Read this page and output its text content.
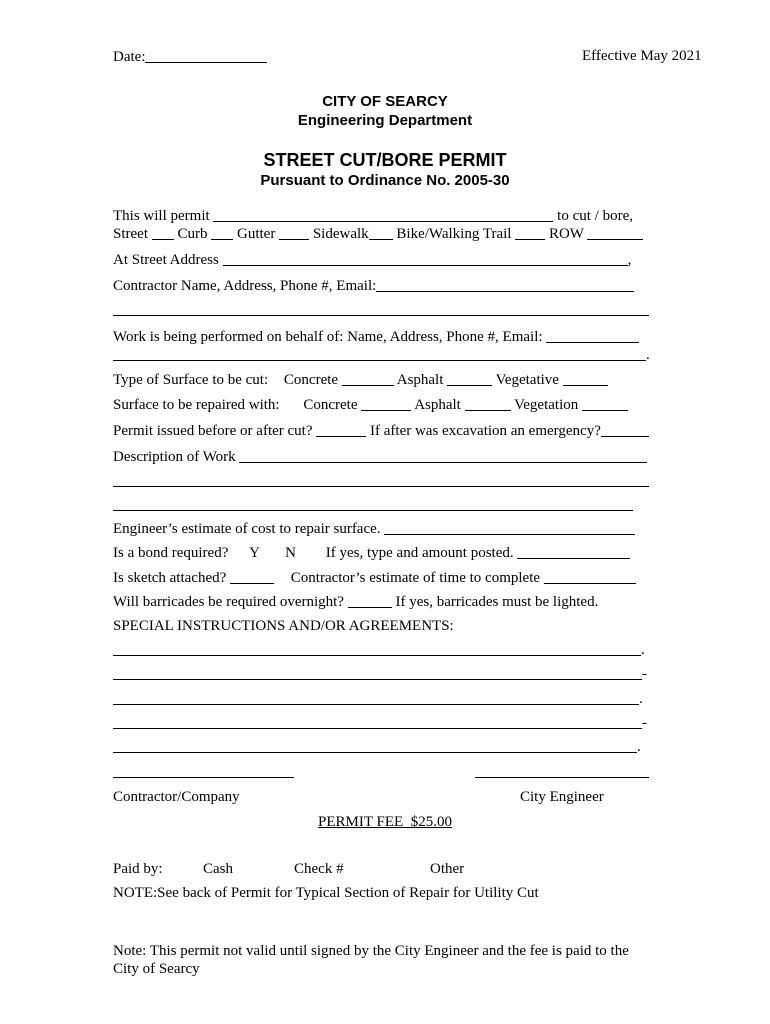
Date:	Effective May 2021
CITY OF SEARCY
Engineering Department
STREET CUT/BORE PERMIT
Pursuant to Ordinance No. 2005-30
This will permit	to cut / bore,
Street Curb Gutter	Sidewalk Bike/Walking Trail	ROW
At Street Address	,
Contractor Name, Address, Phone #, Email:
Work is being performed on behalf of: Name, Address, Phone #, Email:
.
Type of Surface to be cut: Concrete	Asphalt	Vegetative
Surface to be repaired with: Concrete	Asphalt	Vegetation
Permit issued before or after cut?	If after was excavation an emergency?
Description of Work
Engineer’s estimate of cost to repair surface.
Is a bond required? Y N If yes, type and amount posted.
Is sketch attached?	Contractor’s estimate of time to complete
Will barricades be required overnight?	If yes, barricades must be lighted.
SPECIAL INSTRUCTIONS AND/OR AGREEMENTS:
.
-
.
-
.
Contractor/Company	City Engineer
PERMIT FEE  $25.00
Paid by:	Cash	Check #	Other
NOTE:See back of Permit for Typical Section of Repair for Utility Cut
Note: This permit not valid until signed by the City Engineer and the fee is paid to the City of Searcy
